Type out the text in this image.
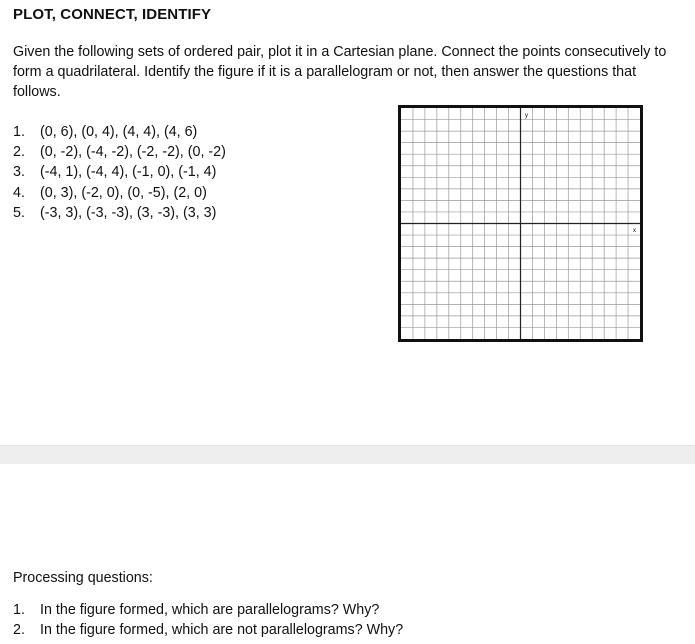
PLOT, CONNECT, IDENTIFY
Given the following sets of ordered pair, plot it in a Cartesian plane. Connect the points consecutively to form a quadrilateral. Identify the figure if it is a parallelogram or not, then answer the questions that follows.
1.	(0, 6), (0, 4), (4, 4), (4, 6)
2.	(0, -2), (-4, -2), (-2, -2), (0, -2)
3.	(-4, 1), (-4, 4), (-1, 0), (-1, 4)
4.	(0, 3), (-2, 0), (0, -5), (2, 0)
5.	(-3, 3), (-3, -3), (3, -3), (3, 3)
x
y
Processing questions:
1.	In the figure formed, which are parallelograms? Why?
2.	In the figure formed, which are not parallelograms? Why?
